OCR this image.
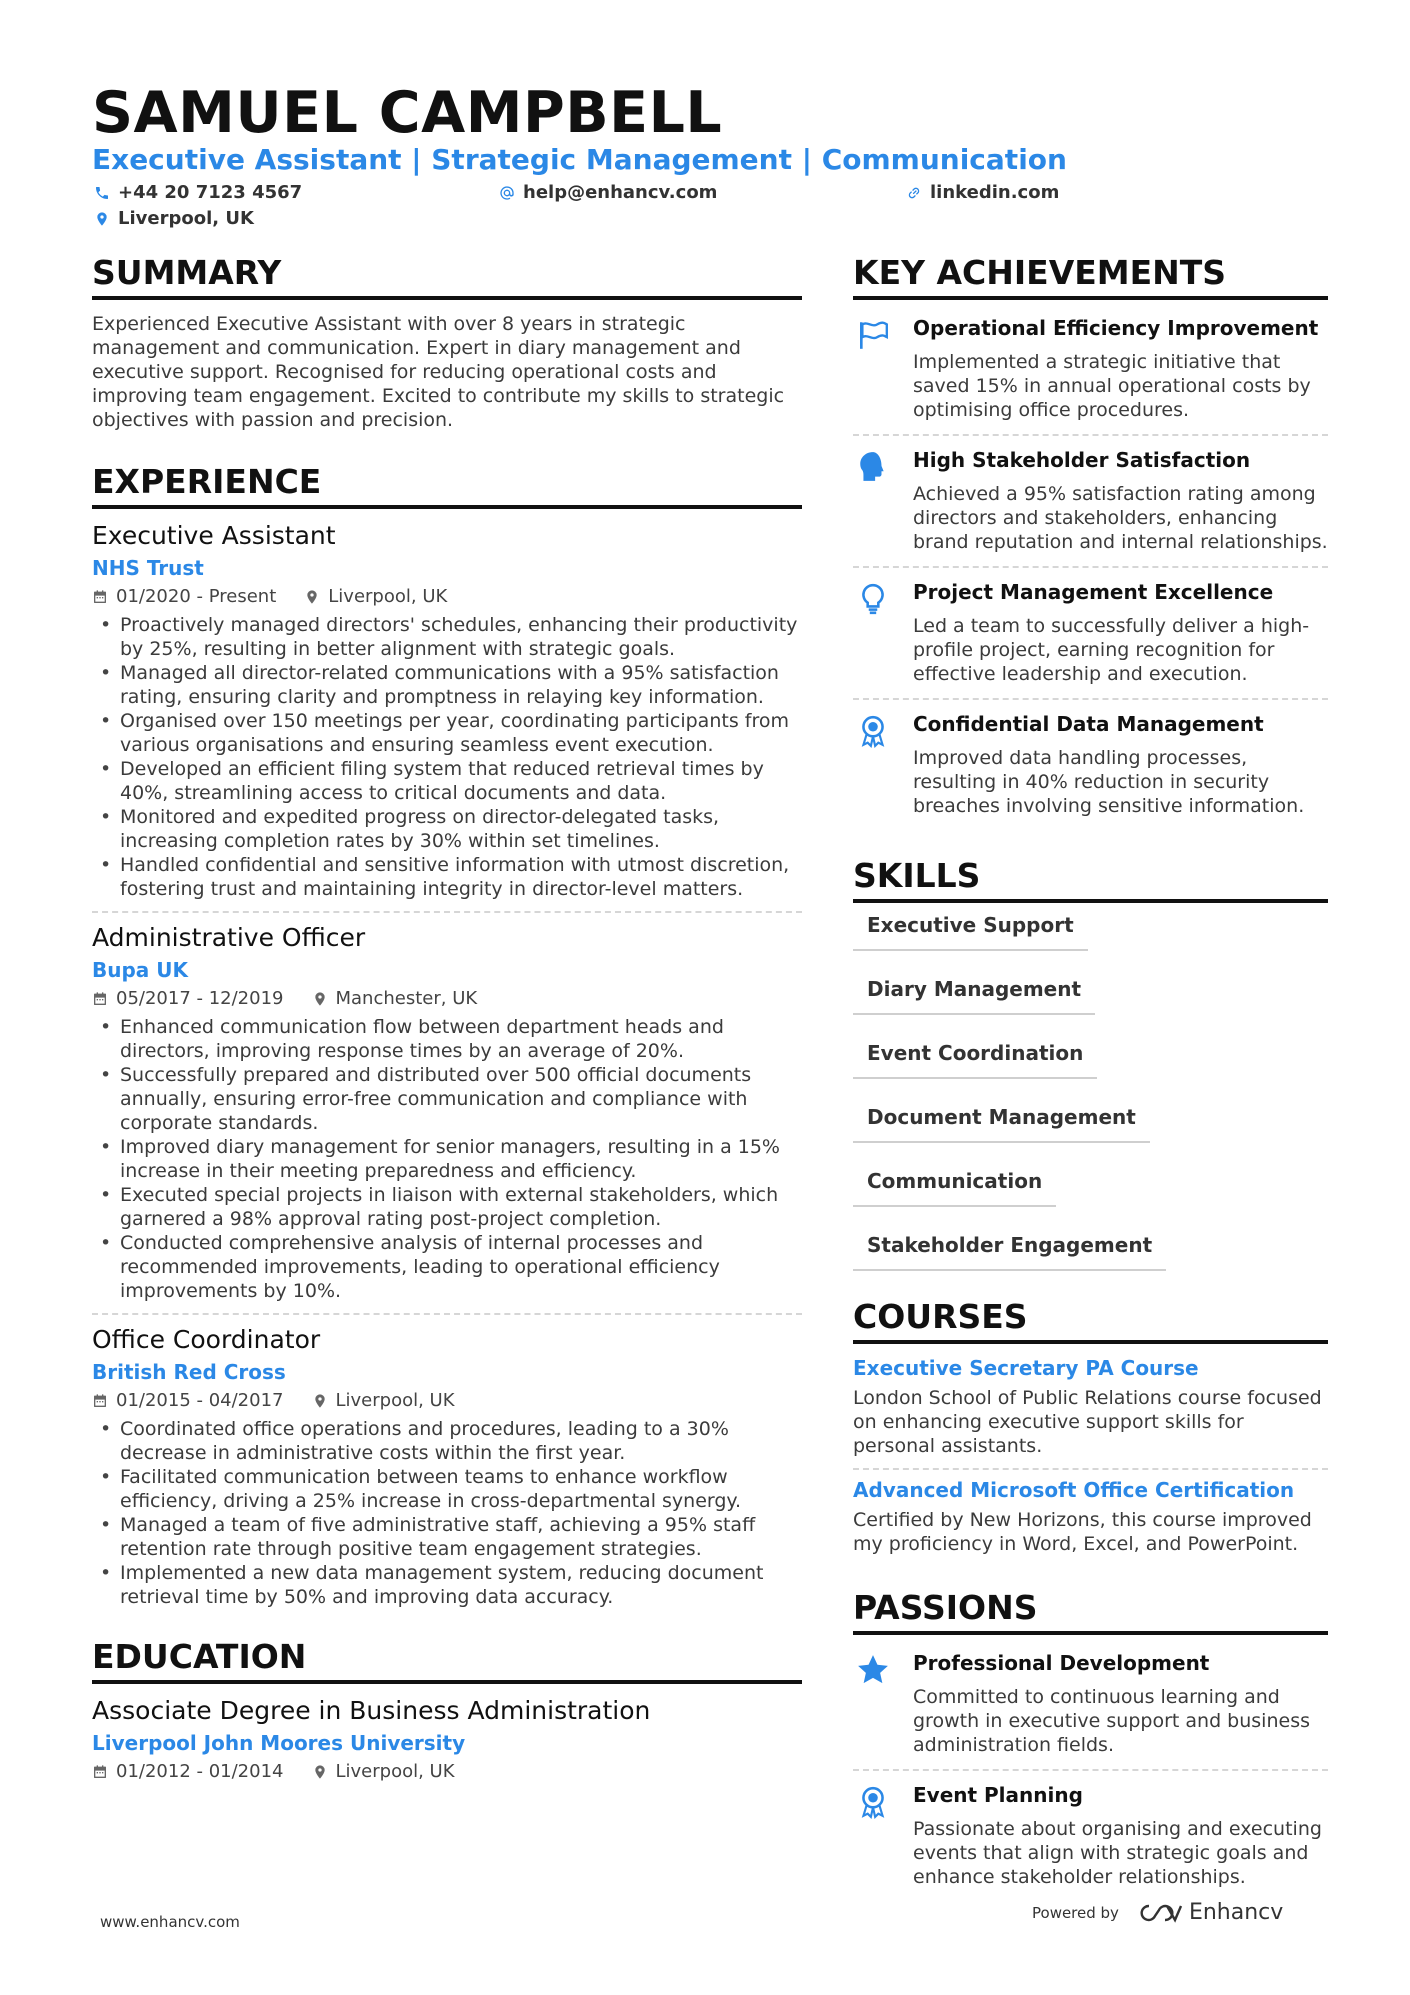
SAMUEL CAMPBELL
Executive Assistant | Strategic Management | Communication
+44 20 7123 4567	help@enhancv.com	linkedin.com
Liverpool, UK
SUMMARY
Experienced Executive Assistant with over 8 years in strategic management and communication. Expert in diary management and executive support. Recognised for reducing operational costs and improving team engagement. Excited to contribute my skills to strategic objectives with passion and precision.
EXPERIENCE
Executive Assistant
NHS Trust
01/2020 - Present	Liverpool, UK
• Proactively managed directors' schedules, enhancing their productivity by 25%, resulting in better alignment with strategic goals.
• Managed all director-related communications with a 95% satisfaction rating, ensuring clarity and promptness in relaying key information.
• Organised over 150 meetings per year, coordinating participants from various organisations and ensuring seamless event execution.
• Developed an efficient filing system that reduced retrieval times by 40%, streamlining access to critical documents and data.
• Monitored and expedited progress on director-delegated tasks, increasing completion rates by 30% within set timelines.
• Handled confidential and sensitive information with utmost discretion, fostering trust and maintaining integrity in director-level matters.
Administrative Officer
Bupa UK
05/2017 - 12/2019	Manchester, UK
• Enhanced communication flow between department heads and directors, improving response times by an average of 20%.
• Successfully prepared and distributed over 500 official documents annually, ensuring error-free communication and compliance with corporate standards.
• Improved diary management for senior managers, resulting in a 15% increase in their meeting preparedness and efficiency.
• Executed special projects in liaison with external stakeholders, which garnered a 98% approval rating post-project completion.
• Conducted comprehensive analysis of internal processes and recommended improvements, leading to operational efficiency improvements by 10%.
Office Coordinator
British Red Cross
01/2015 - 04/2017	Liverpool, UK
• Coordinated office operations and procedures, leading to a 30% decrease in administrative costs within the first year.
• Facilitated communication between teams to enhance workflow efficiency, driving a 25% increase in cross-departmental synergy.
• Managed a team of five administrative staff, achieving a 95% staff retention rate through positive team engagement strategies.
• Implemented a new data management system, reducing document retrieval time by 50% and improving data accuracy.
EDUCATION
Associate Degree in Business Administration
Liverpool John Moores University
01/2012 - 01/2014	Liverpool, UK
KEY ACHIEVEMENTS
Operational Efficiency Improvement
Implemented a strategic initiative that saved 15% in annual operational costs by optimising office procedures.
High Stakeholder Satisfaction
Achieved a 95% satisfaction rating among directors and stakeholders, enhancing brand reputation and internal relationships.
Project Management Excellence
Led a team to successfully deliver a high-profile project, earning recognition for effective leadership and execution.
Confidential Data Management
Improved data handling processes, resulting in 40% reduction in security breaches involving sensitive information.
SKILLS
Executive Support
Diary Management
Event Coordination
Document Management
Communication
Stakeholder Engagement
COURSES
Executive Secretary PA Course
London School of Public Relations course focused on enhancing executive support skills for personal assistants.
Advanced Microsoft Office Certification
Certified by New Horizons, this course improved my proficiency in Word, Excel, and PowerPoint.
PASSIONS
Professional Development
Committed to continuous learning and growth in executive support and business administration fields.
Event Planning
Passionate about organising and executing events that align with strategic goals and enhance stakeholder relationships.
www.enhancv.com
Powered by	Enhancv
